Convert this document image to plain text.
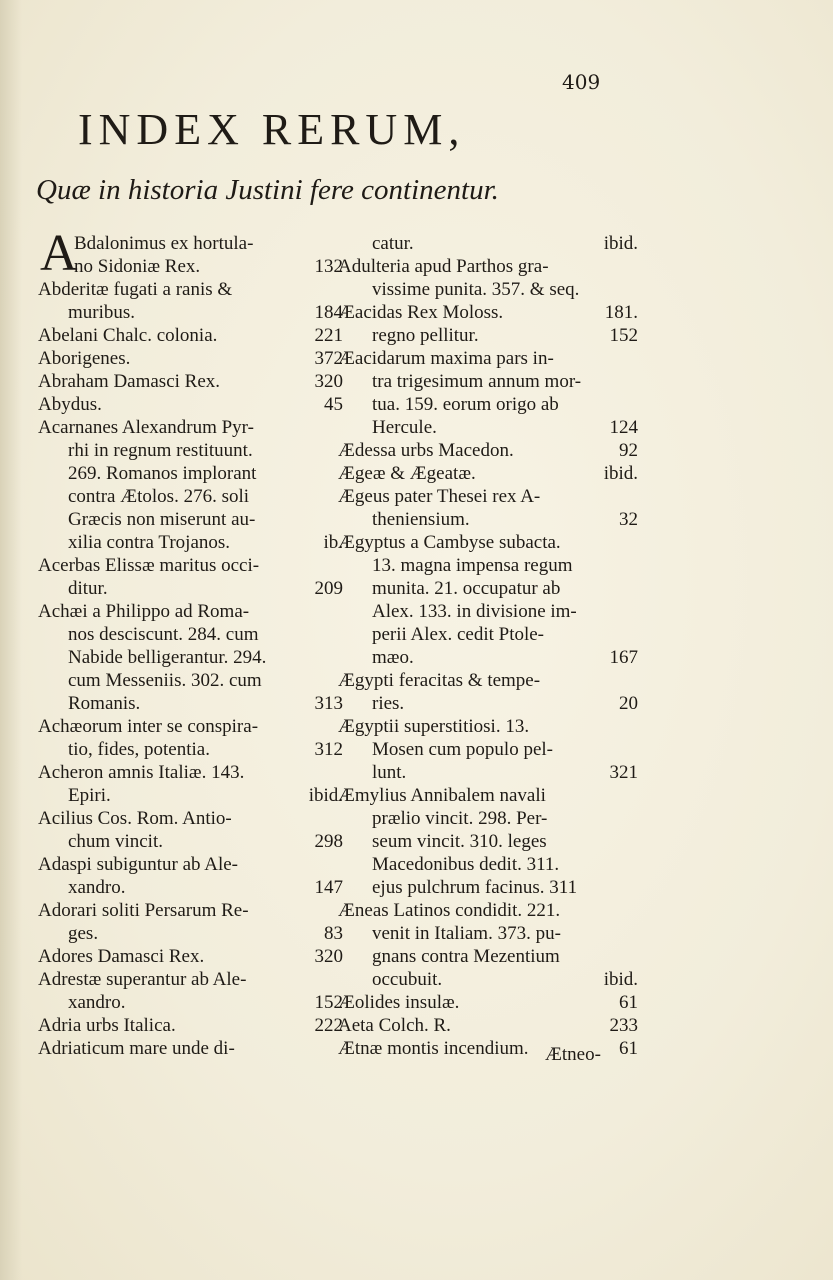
409
INDEX RERUM,
Quæ in historia Justini fere continentur.
A
Bdalonimus ex hortula-
no Sidoniæ Rex.	132
Abderitæ fugati a ranis &
muribus.	184
Abelani Chalc. colonia.	221
Aborigenes.	372
Abraham Damasci Rex.	320
Abydus.	45
Acarnanes Alexandrum Pyr-
rhi in regnum restituunt.
269. Romanos implorant
contra Ætolos. 276. soli
Græcis non miserunt au-
xilia contra Trojanos.	ib.
Acerbas Elissæ maritus occi-
ditur.	209
Achæi a Philippo ad Roma-
nos desciscunt. 284. cum
Nabide belligerantur. 294.
cum Messeniis. 302. cum
Romanis.	313
Achæorum inter se conspira-
tio, fides, potentia.	312
Acheron amnis Italiæ. 143.
Epiri.	ibid.
Acilius Cos. Rom. Antio-
chum vincit.	298
Adaspi subiguntur ab Ale-
xandro.	147
Adorari soliti Persarum Re-
ges.	83
Adores Damasci Rex.	320
Adrestæ superantur ab Ale-
xandro.	152
Adria urbs Italica.	222
Adriaticum mare unde di-
catur.	ibid.
Adulteria apud Parthos gra-
vissime punita. 357. & seq.
Æacidas Rex Moloss.	181.
regno pellitur.	152
Æacidarum maxima pars in-
tra trigesimum annum mor-
tua. 159. eorum origo ab
Hercule.	124
Ædessa urbs Macedon.	92
Ægeæ & Ægeatæ.	ibid.
Ægeus pater Thesei rex A-
theniensium.	32
Ægyptus a Cambyse subacta.
13. magna impensa regum
munita. 21. occupatur ab
Alex. 133. in divisione im-
perii Alex. cedit Ptole-
mæo.	167
Ægypti feracitas & tempe-
ries.	20
Ægyptii superstitiosi. 13.
Mosen cum populo pel-
lunt.	321
Æmylius Annibalem navali
prælio vincit. 298. Per-
seum vincit. 310. leges
Macedonibus dedit. 311.
ejus pulchrum facinus. 311
Æneas Latinos condidit. 221.
venit in Italiam. 373. pu-
gnans contra Mezentium
occubuit.	ibid.
Æolides insulæ.	61
Aeta Colch. R.	233
Ætnæ montis incendium.	61
Ætneo-
